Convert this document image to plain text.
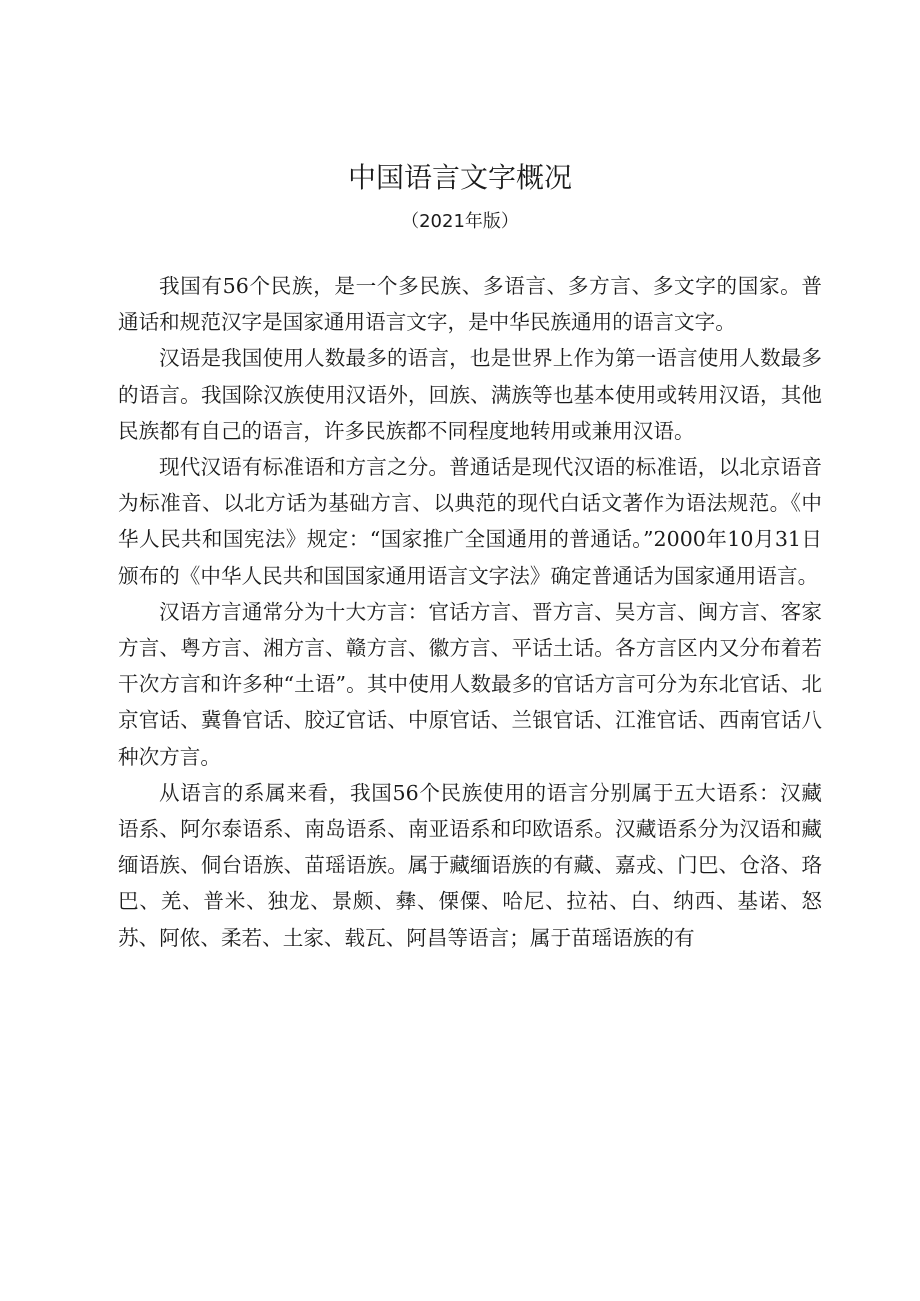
中国语言文字概况
（2021年版）

我国有56个民族，是一个多民族、多语言、多方言、多文字的国家。普通话和规范汉字是国家通用语言文字，是中华民族通用的语言文字。

汉语是我国使用人数最多的语言，也是世界上作为第一语言使用人数最多的语言。我国除汉族使用汉语外，回族、满族等也基本使用或转用汉语，其他民族都有自己的语言，许多民族都不同程度地转用或兼用汉语。

现代汉语有标准语和方言之分。普通话是现代汉语的标准语，以北京语音为标准音、以北方话为基础方言、以典范的现代白话文著作为语法规范。《中华人民共和国宪法》规定：“国家推广全国通用的普通话。”2000年10月31日颁布的《中华人民共和国国家通用语言文字法》确定普通话为国家通用语言。

汉语方言通常分为十大方言：官话方言、晋方言、吴方言、闽方言、客家方言、粤方言、湘方言、赣方言、徽方言、平话土话。各方言区内又分布着若干次方言和许多种“土语”。其中使用人数最多的官话方言可分为东北官话、北京官话、冀鲁官话、胶辽官话、中原官话、兰银官话、江淮官话、西南官话八种次方言。

从语言的系属来看，我国56个民族使用的语言分别属于五大语系：汉藏语系、阿尔泰语系、南岛语系、南亚语系和印欧语系。汉藏语系分为汉语和藏缅语族、侗台语族、苗瑶语族。属于藏缅语族的有藏、嘉戎、门巴、仓洛、珞巴、羌、普米、独龙、景颇、彝、傈僳、哈尼、拉祜、白、纳西、基诺、怒苏、阿侬、柔若、土家、载瓦、阿昌等语言；属于苗瑶语族的有
